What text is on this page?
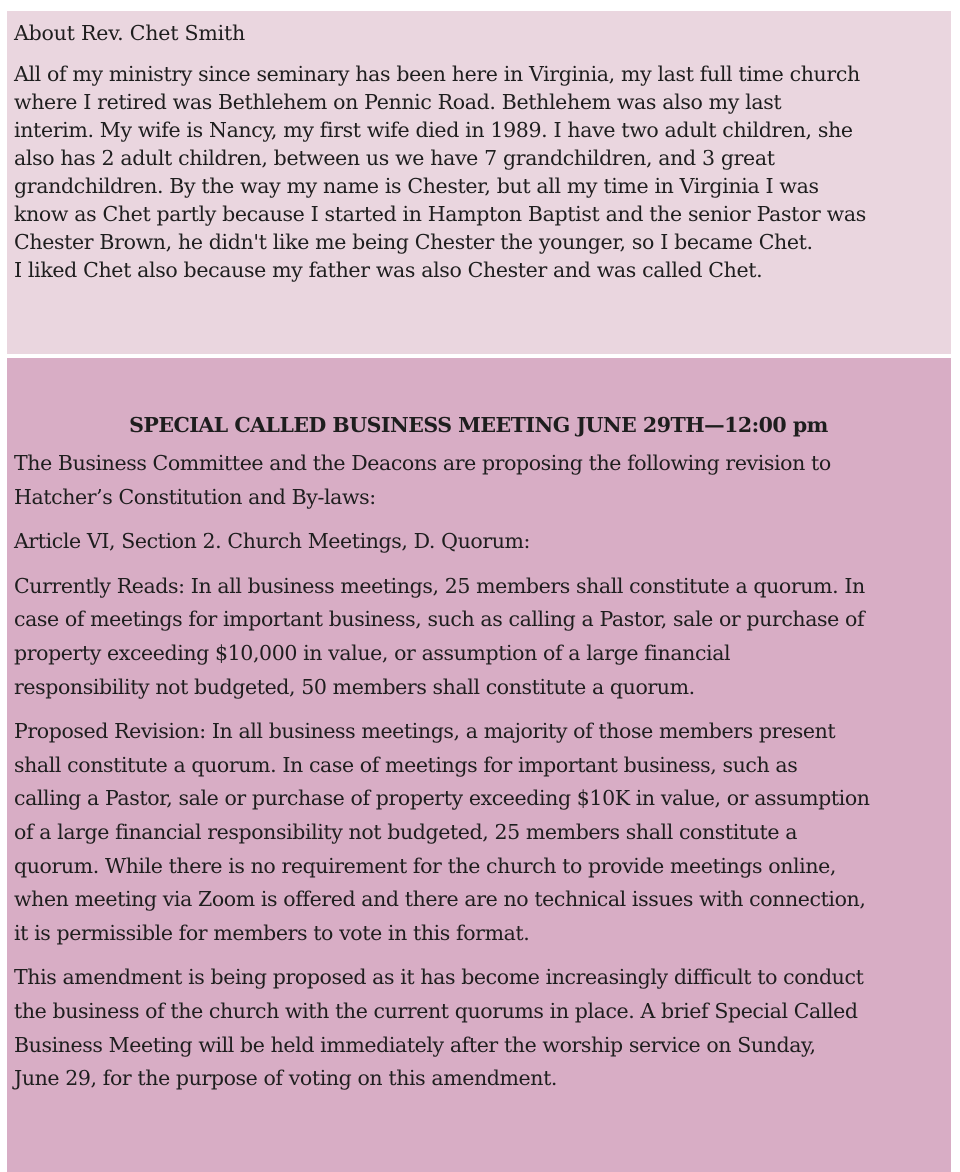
About Rev. Chet Smith

All of my ministry since seminary has been here in Virginia, my last full time church
where I retired was Bethlehem on Pennic Road. Bethlehem was also my last
interim. My wife is Nancy, my first wife died in 1989. I have two adult children, she
also has 2 adult children, between us we have 7 grandchildren, and 3 great
grandchildren. By the way my name is Chester, but all my time in Virginia I was
know as Chet partly because I started in Hampton Baptist and the senior Pastor was
Chester Brown, he didn't like me being Chester the younger, so I became Chet.
I liked Chet also because my father was also Chester and was called Chet.

SPECIAL CALLED BUSINESS MEETING JUNE 29TH—12:00 pm

The Business Committee and the Deacons are proposing the following revision to
Hatcher’s Constitution and By-laws:

Article VI, Section 2. Church Meetings, D. Quorum:

Currently Reads: In all business meetings, 25 members shall constitute a quorum. In
case of meetings for important business, such as calling a Pastor, sale or purchase of
property exceeding $10,000 in value, or assumption of a large financial
responsibility not budgeted, 50 members shall constitute a quorum.

Proposed Revision: In all business meetings, a majority of those members present
shall constitute a quorum. In case of meetings for important business, such as
calling a Pastor, sale or purchase of property exceeding $10K in value, or assumption
of a large financial responsibility not budgeted, 25 members shall constitute a
quorum. While there is no requirement for the church to provide meetings online,
when meeting via Zoom is offered and there are no technical issues with connection,
it is permissible for members to vote in this format.

This amendment is being proposed as it has become increasingly difficult to conduct
the business of the church with the current quorums in place. A brief Special Called
Business Meeting will be held immediately after the worship service on Sunday,
June 29, for the purpose of voting on this amendment.
